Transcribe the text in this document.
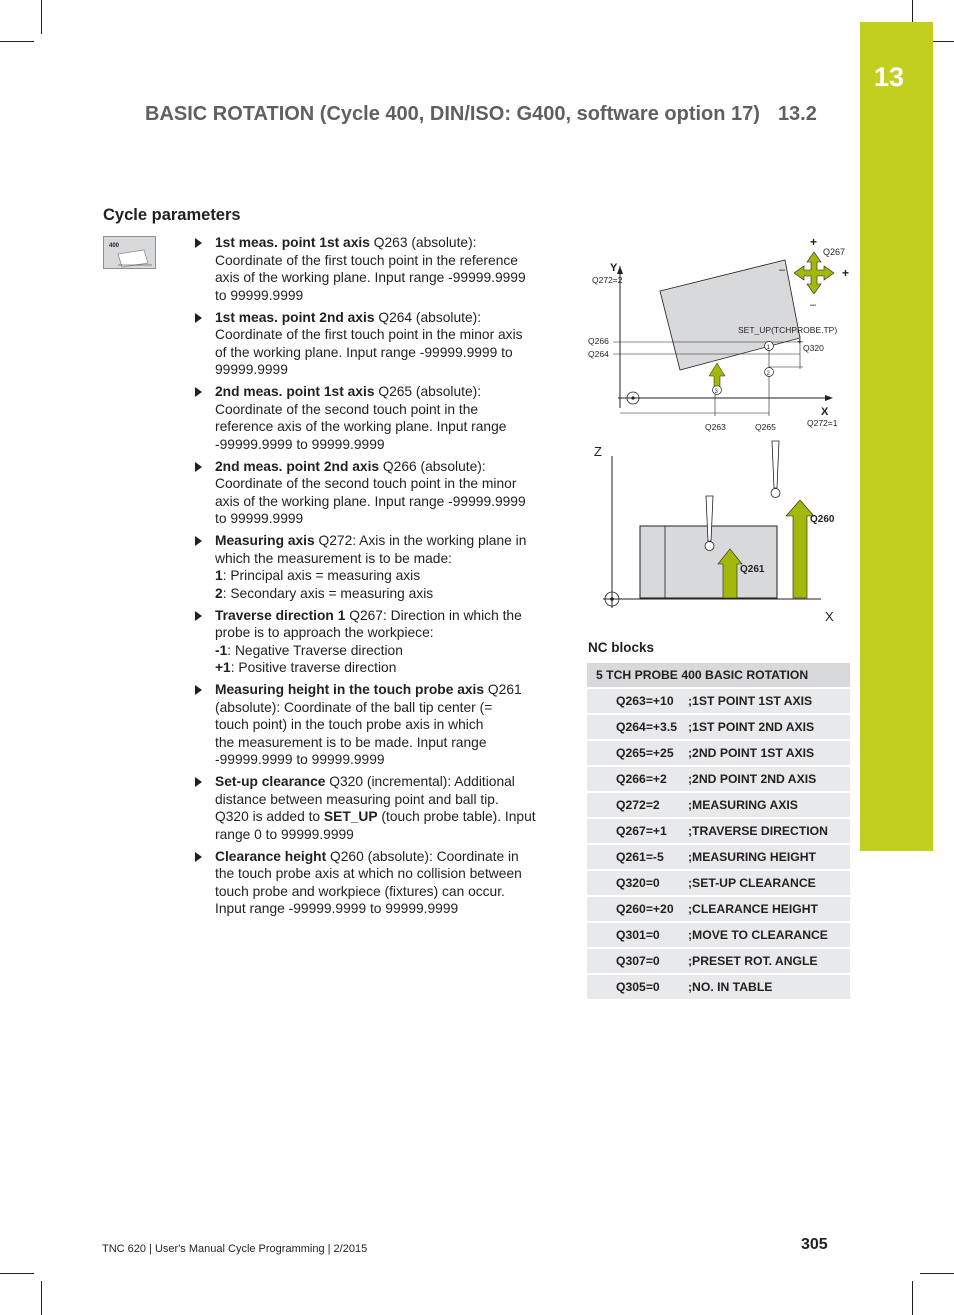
13
BASIC ROTATION (Cycle 400, DIN/ISO: G400, software option 17) 13.2
Cycle parameters
400	1st meas. point 1st axis Q263 (absolute):
Coordinate of the first touch point in the reference
axis of the working plane. Input range -99999.9999
to 99999.9999
1st meas. point 2nd axis Q264 (absolute):
Coordinate of the first touch point in the minor axis
of the working plane. Input range -99999.9999 to
99999.9999
2nd meas. point 1st axis Q265 (absolute):
Coordinate of the second touch point in the
reference axis of the working plane. Input range
-99999.9999 to 99999.9999
2nd meas. point 2nd axis Q266 (absolute):
Coordinate of the second touch point in the minor
axis of the working plane. Input range -99999.9999
to 99999.9999
Measuring axis Q272: Axis in the working plane in
which the measurement is to be made:
1: Principal axis = measuring axis
2: Secondary axis = measuring axis
Traverse direction 1 Q267: Direction in which the
probe is to approach the workpiece:
-1: Negative Traverse direction
+1: Positive traverse direction
Measuring height in the touch probe axis Q261
(absolute): Coordinate of the ball tip center (=
touch point) in the touch probe axis in which
the measurement is to be made. Input range
-99999.9999 to 99999.9999
Set-up clearance Q320 (incremental): Additional
distance between measuring point and ball tip.
Q320 is added to SET_UP (touch probe table). Input
range 0 to 99999.9999
Clearance height Q260 (absolute): Coordinate in
the touch probe axis at which no collision between
touch probe and workpiece (fixtures) can occur.
Input range -99999.9999 to 99999.9999
Y
Q272=2
X
Q272=1
Q266
Q264
Q263	Q265
SET_UP(TCHPROBE.TP)
+
Q320
1
2
3
+
–
+
–
Q267
Z
X
Q261
Q260
NC blocks
5 TCH PROBE 400 BASIC ROTATION	
Q263=+10	;1ST POINT 1ST AXIS
Q264=+3.5	;1ST POINT 2ND AXIS
Q265=+25	;2ND POINT 1ST AXIS
Q266=+2	;2ND POINT 2ND AXIS
Q272=2	;MEASURING AXIS
Q267=+1	;TRAVERSE DIRECTION
Q261=-5	;MEASURING HEIGHT
Q320=0	;SET-UP CLEARANCE
Q260=+20	;CLEARANCE HEIGHT
Q301=0	;MOVE TO CLEARANCE
Q307=0	;PRESET ROT. ANGLE
Q305=0	;NO. IN TABLE
TNC 620 | User's Manual Cycle Programming | 2/2015	305
